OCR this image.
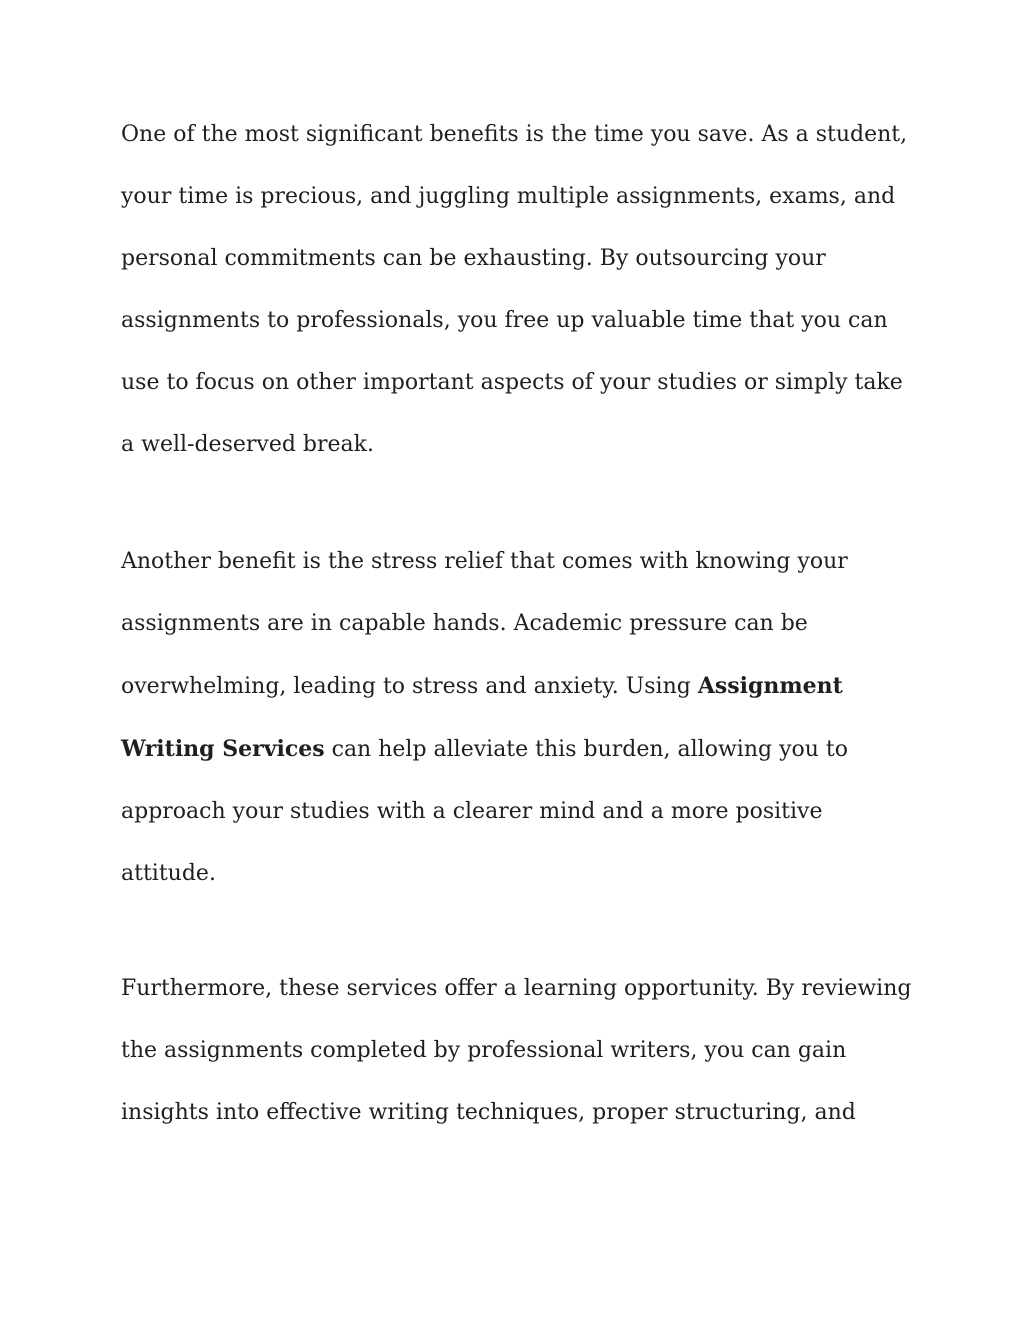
One of the most significant benefits is the time you save. As a student,
your time is precious, and juggling multiple assignments, exams, and
personal commitments can be exhausting. By outsourcing your
assignments to professionals, you free up valuable time that you can
use to focus on other important aspects of your studies or simply take
a well-deserved break.
Another benefit is the stress relief that comes with knowing your
assignments are in capable hands. Academic pressure can be
overwhelming, leading to stress and anxiety. Using Assignment
Writing Services can help alleviate this burden, allowing you to
approach your studies with a clearer mind and a more positive
attitude.
Furthermore, these services offer a learning opportunity. By reviewing
the assignments completed by professional writers, you can gain
insights into effective writing techniques, proper structuring, and
